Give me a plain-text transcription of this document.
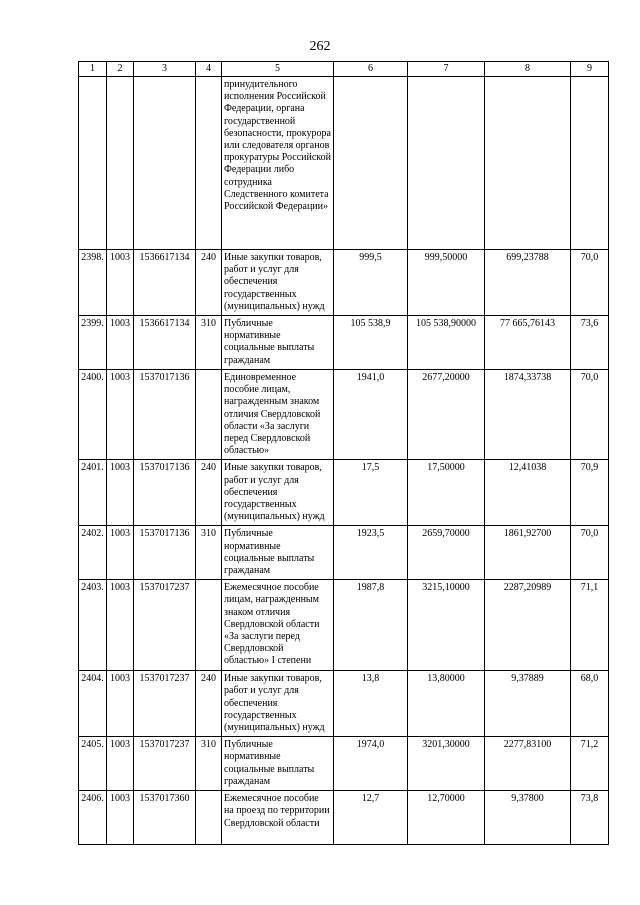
262
1	2	3	4	5	6	7	8	9
				принудительного исполнения Российской Федерации, органа государственной безопасности, прокурора или следователя органов прокуратуры Российской Федерации либо сотрудника Следственного комитета Российской Федерации»				
2398.	1003	1536617134	240	Иные закупки товаров, работ и услуг для обеспечения государственных (муниципальных) нужд	999,5	999,50000	699,23788	70,0
2399.	1003	1536617134	310	Публичные нормативные социальные выплаты гражданам	105 538,9	105 538,90000	77 665,76143	73,6
2400.	1003	1537017136		Единовременное пособие лицам, награжденным знаком отличия Свердловской области «За заслуги перед Свердловской областью»	1941,0	2677,20000	1874,33738	70,0
2401.	1003	1537017136	240	Иные закупки товаров, работ и услуг для обеспечения государственных (муниципальных) нужд	17,5	17,50000	12,41038	70,9
2402.	1003	1537017136	310	Публичные нормативные социальные выплаты гражданам	1923,5	2659,70000	1861,92700	70,0
2403.	1003	1537017237		Ежемесячное пособие лицам, награжденным знаком отличия Свердловской области «За заслуги перед Свердловской областью» I степени	1987,8	3215,10000	2287,20989	71,1
2404.	1003	1537017237	240	Иные закупки товаров, работ и услуг для обеспечения государственных (муниципальных) нужд	13,8	13,80000	9,37889	68,0
2405.	1003	1537017237	310	Публичные нормативные социальные выплаты гражданам	1974,0	3201,30000	2277,83100	71,2
2406.	1003	1537017360		Ежемесячное пособие на проезд по территории Свердловской области	12,7	12,70000	9,37800	73,8
